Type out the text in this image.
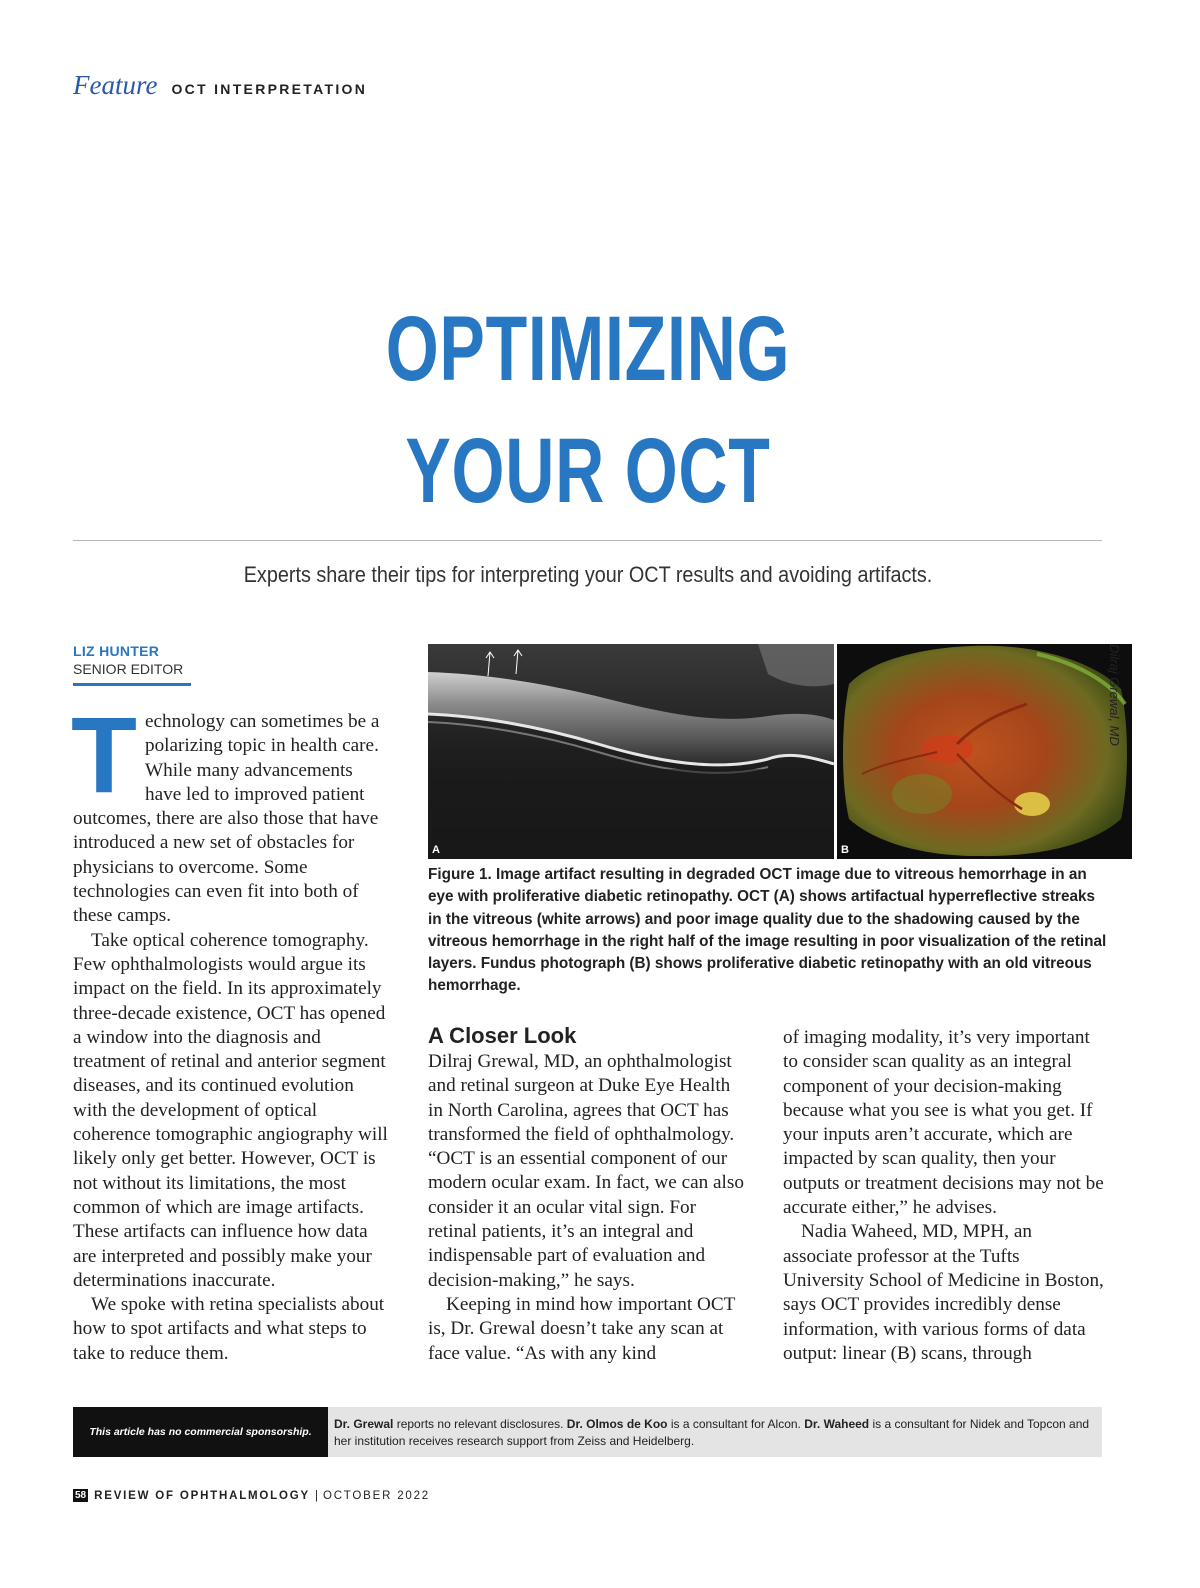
Feature OCT INTERPRETATION
OPTIMIZING
YOUR OCT
Experts share their tips for interpreting your OCT results and avoiding artifacts.
LIZ HUNTER
SENIOR EDITOR
T echnology can sometimes be a polarizing topic in health care. While many advancements have led to improved patient outcomes, there are also those that have introduced a new set of obstacles for physicians to overcome. Some technologies can even fit into both of these camps.

Take optical coherence tomography. Few ophthalmologists would argue its impact on the field. In its approximately three-decade existence, OCT has opened a window into the diagnosis and treatment of retinal and anterior segment diseases, and its continued evolution with the development of optical coherence tomographic angiography will likely only get better. However, OCT is not without its limitations, the most common of which are image artifacts. These artifacts can influence how data are interpreted and possibly make your determinations inaccurate.

We spoke with retina specialists about how to spot artifacts and what steps to take to reduce them.

A	B
Dilraj Grewal, MD
Figure 1. Image artifact resulting in degraded OCT image due to vitreous hemorrhage in an eye with proliferative diabetic retinopathy. OCT (A) shows artifactual hyperreflective streaks in the vitreous (white arrows) and poor image quality due to the shadowing caused by the vitreous hemorrhage in the right half of the image resulting in poor visualization of the retinal layers. Fundus photograph (B) shows proliferative diabetic retinopathy with an old vitreous hemorrhage.
A Closer Look

Dilraj Grewal, MD, an ophthalmologist and retinal surgeon at Duke Eye Health in North Carolina, agrees that OCT has transformed the field of ophthalmology. “OCT is an essential component of our modern ocular exam. In fact, we can also consider it an ocular vital sign. For retinal patients, it’s an integral and indispensable part of evaluation and decision-making,” he says.

Keeping in mind how important OCT is, Dr. Grewal doesn’t take any scan at face value. “As with any kind

of imaging modality, it’s very important to consider scan quality as an integral component of your decision-making because what you see is what you get. If your inputs aren’t accurate, which are impacted by scan quality, then your outputs or treatment decisions may not be accurate either,” he advises.

Nadia Waheed, MD, MPH, an associate professor at the Tufts University School of Medicine in Boston, says OCT provides incredibly dense information, with various forms of data output: linear (B) scans, through

This article has no commercial sponsorship.
Dr. Grewal reports no relevant disclosures. Dr. Olmos de Koo is a consultant for Alcon. Dr. Waheed is a consultant for Nidek and Topcon and her institution receives research support from Zeiss and Heidelberg.
58 REVIEW OF OPHTHALMOLOGY | OCTOBER 2022
